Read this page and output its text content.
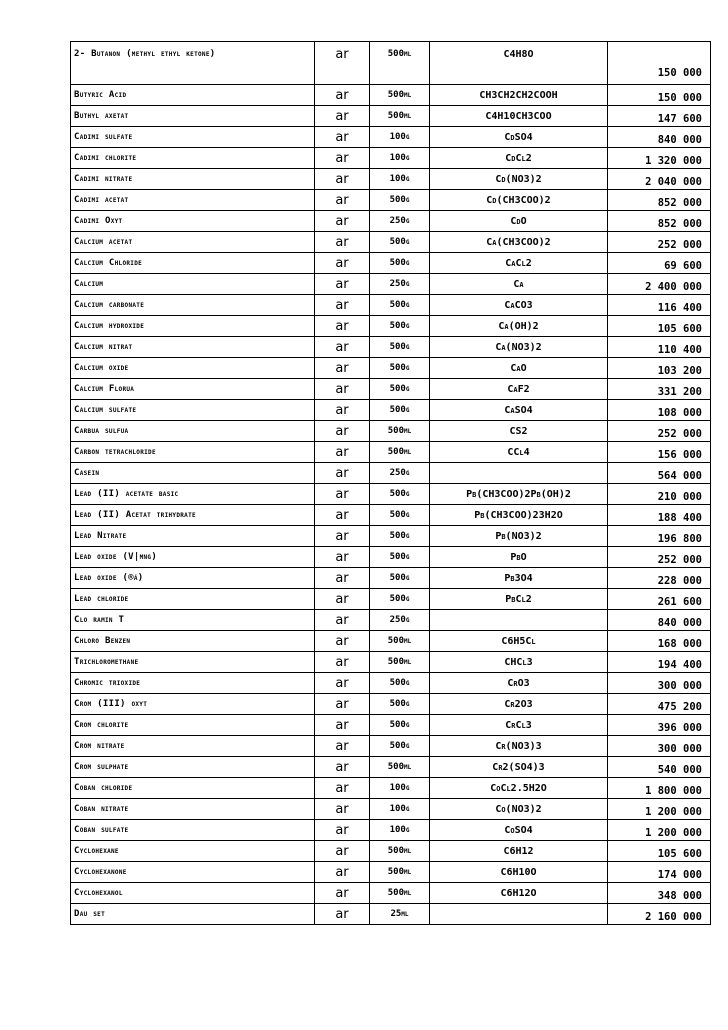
2- Butanon (methyl ethyl ketone)	ar	500ml	C4H8O	150 000
Butyric Acid	ar	500ml	CH3CH2CH2COOH	150 000
Buthyl axetat	ar	500ml	C4H10CH3COO	147 600
Cadimi sulfate	ar	100g	CdSO4	840 000
Cadimi chlorite	ar	100g	CdCl2	1 320 000
Cadimi nitrate	ar	100g	Cd(NO3)2	2 040 000
Cadimi acetat	ar	500g	Cd(CH3COO)2	852 000
Cadimi Oxyt	ar	250g	CdO	852 000
Calcium acetat	ar	500g	Ca(CH3COO)2	252 000
Calcium Chloride	ar	500g	CaCl2	69 600
Calcium	ar	250g	Ca	2 400 000
Calcium carbonate	ar	500g	CaCO3	116 400
Calcium hydroxide	ar	500g	Ca(OH)2	105 600
Calcium nitrat	ar	500g	Ca(NO3)2	110 400
Calcium oxide	ar	500g	CaO	103 200
Calcium Florua	ar	500g	CaF2	331 200
Calcium sulfate	ar	500g	CaSO4	108 000
Carbua sulfua	ar	500ml	CS2	252 000
Carbon tetrachloride	ar	500ml	CCl4	156 000
Casein	ar	250g		564 000
Lead (II) acetate basic	ar	500g	Pb(CH3COO)2Pb(OH)2	210 000
Lead (II) Acetat trihydrate	ar	500g	Pb(CH3COO)23H2O	188 400
Lead Nitrate	ar	500g	Pb(NO3)2	196 800
Lead oxide (V|µng)	ar	500g	PbO	252 000
Lead oxide (®á)	ar	500g	Pb3O4	228 000
Lead chloride	ar	500g	PbCl2	261 600
Clo ramin T	ar	250g		840 000
Chloro Benzen	ar	500ml	C6H5Cl	168 000
Trichloromethane	ar	500ml	CHCl3	194 400
Chromic trioxide	ar	500g	CrO3	300 000
Crom (III) oxyt	ar	500g	Cr2O3	475 200
Crom chlorite	ar	500g	CrCl3	396 000
Crom nitrate	ar	500g	Cr(NO3)3	300 000
Crom sulphate	ar	500ml	Cr2(SO4)3	540 000
Coban chloride	ar	100g	CoCl2.5H2O	1 800 000
Coban nitrate	ar	100g	Co(NO3)2	1 200 000
Coban sulfate	ar	100g	CoSO4	1 200 000
Cyclohexane	ar	500ml	C6H12	105 600
Cyclohexanone	ar	500ml	C6H10O	174 000
Cyclohexanol	ar	500ml	C6H12O	348 000
Dau set	ar	25ml		2 160 000
